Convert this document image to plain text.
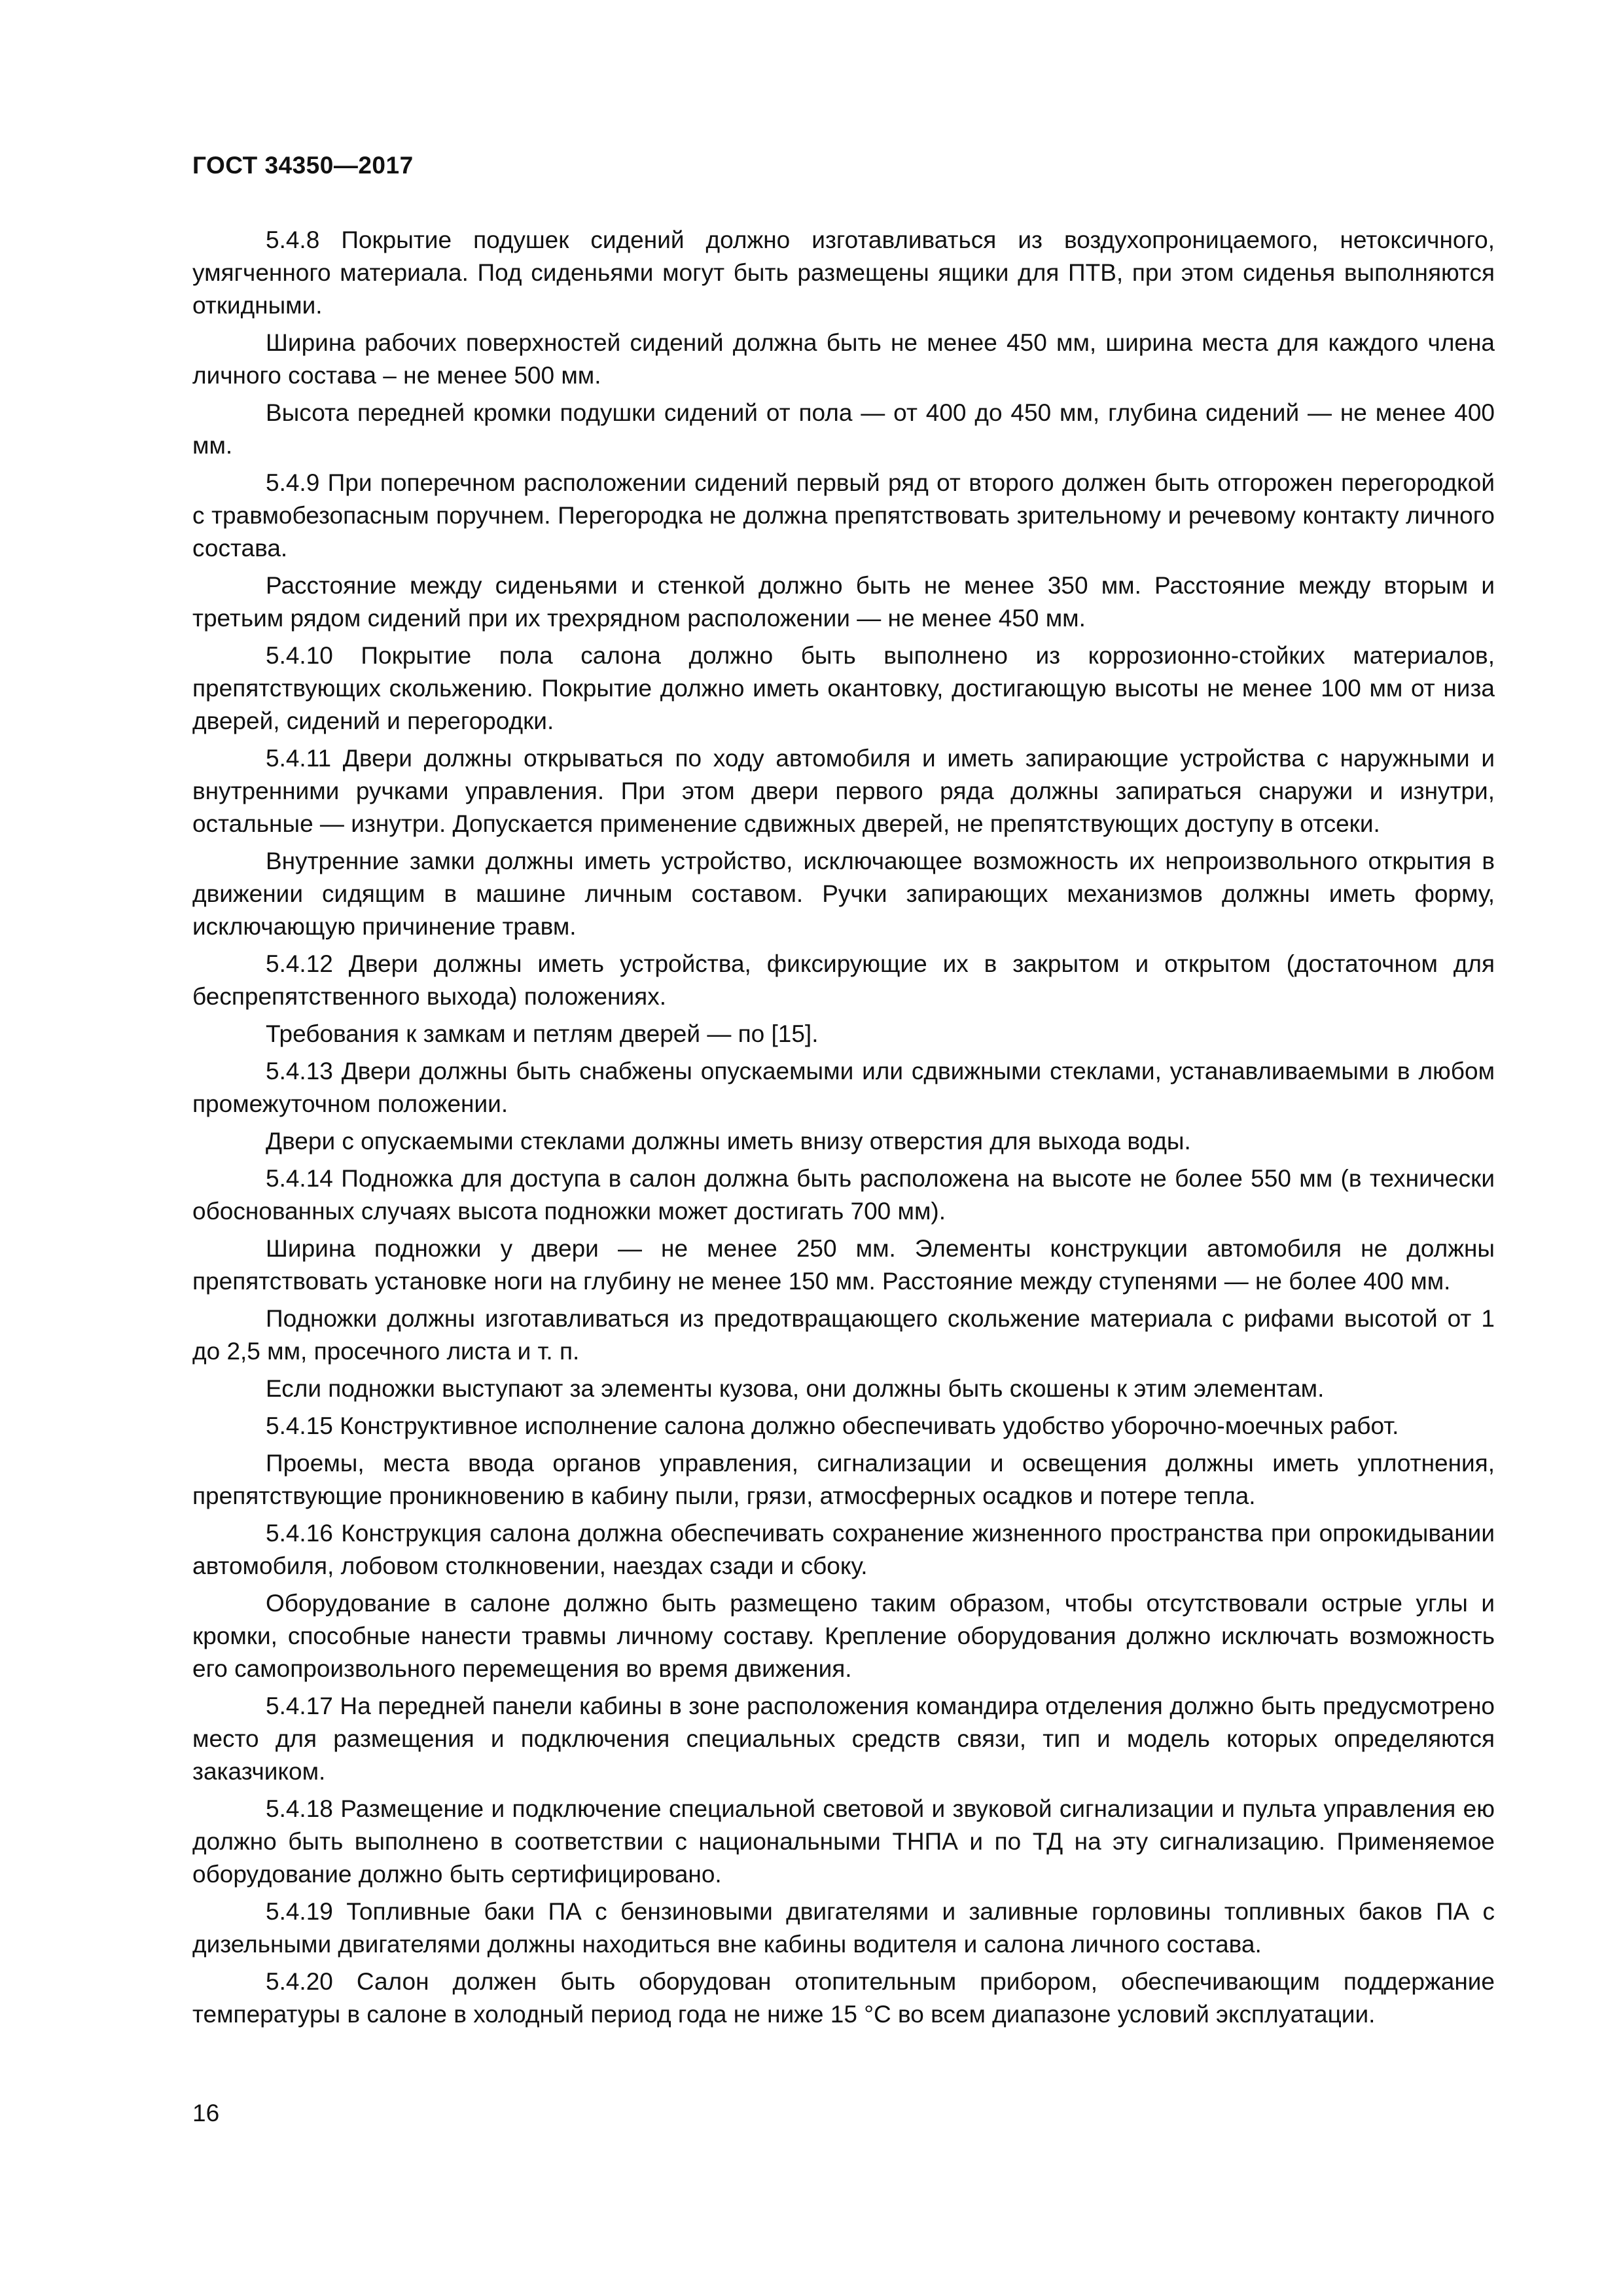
ГОСТ 34350—2017

5.4.8 Покрытие подушек сидений должно изготавливаться из воздухопроницаемого, нетоксичного, умягченного материала. Под сиденьями могут быть размещены ящики для ПТВ, при этом сиденья выполняются откидными.

Ширина рабочих поверхностей сидений должна быть не менее 450 мм, ширина места для каждого члена личного состава – не менее 500 мм.

Высота передней кромки подушки сидений от пола — от 400 до 450 мм, глубина сидений — не менее 400 мм.

5.4.9 При поперечном расположении сидений первый ряд от второго должен быть отгорожен перегородкой с травмобезопасным поручнем. Перегородка не должна препятствовать зрительному и речевому контакту личного состава.

Расстояние между сиденьями и стенкой должно быть не менее 350 мм. Расстояние между вторым и третьим рядом сидений при их трехрядном расположении — не менее 450 мм.

5.4.10 Покрытие пола салона должно быть выполнено из коррозионно-стойких материалов, препятствующих скольжению. Покрытие должно иметь окантовку, достигающую высоты не менее 100 мм от низа дверей, сидений и перегородки.

5.4.11 Двери должны открываться по ходу автомобиля и иметь запирающие устройства с наружными и внутренними ручками управления. При этом двери первого ряда должны запираться снаружи и изнутри, остальные — изнутри. Допускается применение сдвижных дверей, не препятствующих доступу в отсеки.

Внутренние замки должны иметь устройство, исключающее возможность их непроизвольного открытия в движении сидящим в машине личным составом. Ручки запирающих механизмов должны иметь форму, исключающую причинение травм.

5.4.12 Двери должны иметь устройства, фиксирующие их в закрытом и открытом (достаточном для беспрепятственного выхода) положениях.

Требования к замкам и петлям дверей — по [15].

5.4.13 Двери должны быть снабжены опускаемыми или сдвижными стеклами, устанавливаемыми в любом промежуточном положении.

Двери с опускаемыми стеклами должны иметь внизу отверстия для выхода воды.

5.4.14 Подножка для доступа в салон должна быть расположена на высоте не более 550 мм (в технически обоснованных случаях высота подножки может достигать 700 мм).

Ширина подножки у двери — не менее 250 мм. Элементы конструкции автомобиля не должны препятствовать установке ноги на глубину не менее 150 мм. Расстояние между ступенями — не более 400 мм.

Подножки должны изготавливаться из предотвращающего скольжение материала с рифами высотой от 1 до 2,5 мм, просечного листа и т. п.

Если подножки выступают за элементы кузова, они должны быть скошены к этим элементам.

5.4.15 Конструктивное исполнение салона должно обеспечивать удобство уборочно-моечных работ.

Проемы, места ввода органов управления, сигнализации и освещения должны иметь уплотнения, препятствующие проникновению в кабину пыли, грязи, атмосферных осадков и потере тепла.

5.4.16 Конструкция салона должна обеспечивать сохранение жизненного пространства при опрокидывании автомобиля, лобовом столкновении, наездах сзади и сбоку.

Оборудование в салоне должно быть размещено таким образом, чтобы отсутствовали острые углы и кромки, способные нанести травмы личному составу. Крепление оборудования должно исключать возможность его самопроизвольного перемещения во время движения.

5.4.17 На передней панели кабины в зоне расположения командира отделения должно быть предусмотрено место для размещения и подключения специальных средств связи, тип и модель которых определяются заказчиком.

5.4.18 Размещение и подключение специальной световой и звуковой сигнализации и пульта управления ею должно быть выполнено в соответствии с национальными ТНПА и по ТД на эту сигнализацию. Применяемое оборудование должно быть сертифицировано.

5.4.19 Топливные баки ПА с бензиновыми двигателями и заливные горловины топливных баков ПА с дизельными двигателями должны находиться вне кабины водителя и салона личного состава.

5.4.20 Салон должен быть оборудован отопительным прибором, обеспечивающим поддержание температуры в салоне в холодный период года не ниже 15 °С во всем диапазоне условий эксплуатации.

16
